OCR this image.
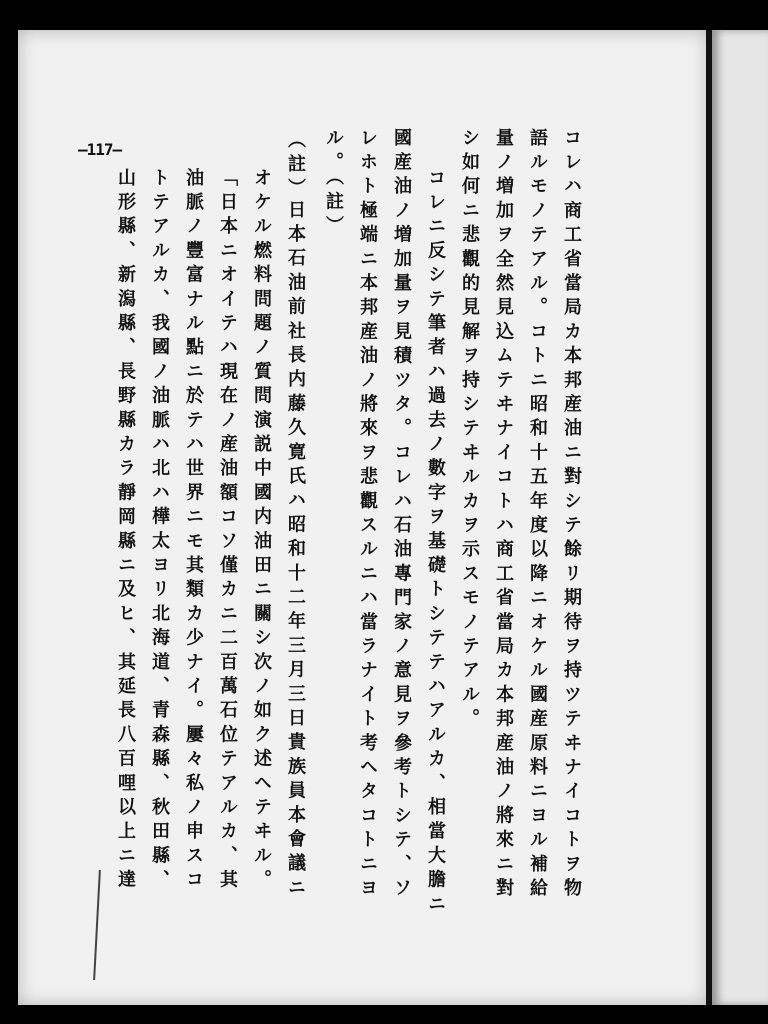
—117—	コレハ商工省當局カ本邦産油ニ對シテ餘リ期待ヲ持ツテヰナイコトヲ物
語ルモノテアル。コトニ昭和十五年度以降ニオケル國産原料ニヨル補給
量ノ増加ヲ全然見込ムテヰナイコトハ商工省當局カ本邦産油ノ將來ニ對
シ如何ニ悲觀的見解ヲ持シテヰルカヲ示スモノテアル。
コレニ反シテ筆者ハ過去ノ數字ヲ基礎トシテテハアルカ、相當大膽ニ
國産油ノ増加量ヲ見積ツタ。コレハ石油專門家ノ意見ヲ參考トシテ、ソ
レホト極端ニ本邦産油ノ將來ヲ悲觀スルニハ當ラナイト考ヘタコトニヨ
ル。（註）
（註）
日本石油前社長内藤久寛氏ハ昭和十二年三月三日貴族員本會議ニ
オケル燃料問題ノ質問演説中國内油田ニ關シ次ノ如ク述ヘテヰル。
「日本ニオイテハ現在ノ産油額コソ僅カニ二百萬石位テアルカ、其
油脈ノ豐富ナル點ニ於テハ世界ニモ其類カ少ナイ。屢々私ノ申スコ
トテアルカ、我國ノ油脈ハ北ハ樺太ヨリ北海道、青森縣、秋田縣、
山形縣、新潟縣、長野縣カラ靜岡縣ニ及ヒ、其延長八百哩以上ニ達
